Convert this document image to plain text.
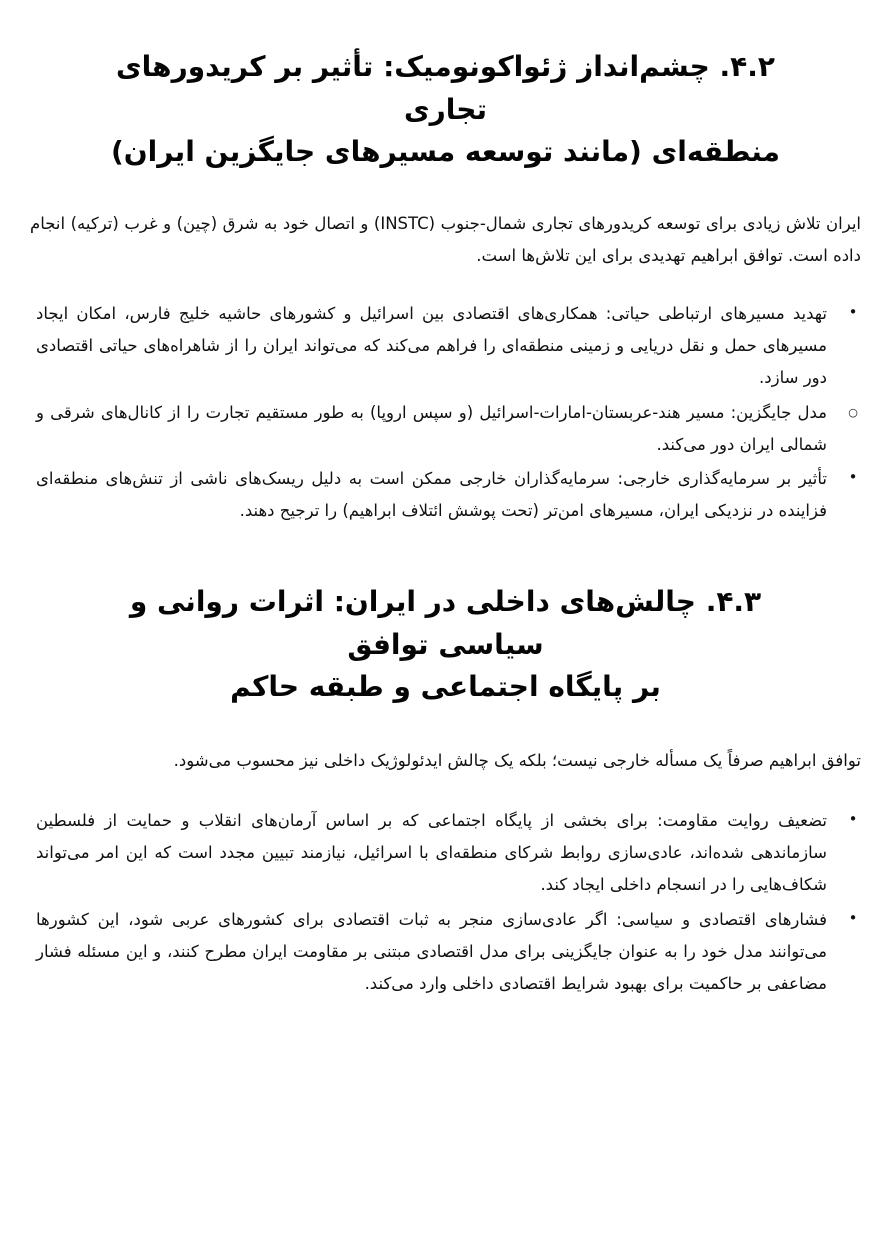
۴.۲. چشم‌انداز ژئواکونومیک: تأثیر بر کریدورهای تجاری
منطقه‌ای (مانند توسعه مسیرهای جایگزین ایران)

ایران تلاش زیادی برای توسعه کریدورهای تجاری شمال-جنوب (INSTC) و اتصال خود به شرق (چین) و غرب (ترکیه) انجام داده است. توافق ابراهیم تهدیدی برای این تلاش‌ها است.

•
تهدید مسیرهای ارتباطی حیاتی: همکاری‌های اقتصادی بین اسرائیل و کشورهای حاشیه خلیج فارس، امکان ایجاد مسیرهای حمل و نقل دریایی و زمینی منطقه‌ای را فراهم می‌کند که می‌تواند ایران را از شاهراه‌های حیاتی اقتصادی دور سازد.
○
مدل جایگزین: مسیر هند-عربستان-امارات-اسرائیل (و سپس اروپا) به طور مستقیم تجارت را از کانال‌های شرقی و شمالی ایران دور می‌کند.
•
تأثیر بر سرمایه‌گذاری خارجی: سرمایه‌گذاران خارجی ممکن است به دلیل ریسک‌های ناشی از تنش‌های منطقه‌ای فزاینده در نزدیکی ایران، مسیرهای امن‌تر (تحت پوشش ائتلاف ابراهیم) را ترجیح دهند.
۴.۳. چالش‌های داخلی در ایران: اثرات روانی و سیاسی توافق
بر پایگاه اجتماعی و طبقه حاکم

توافق ابراهیم صرفاً یک مسأله خارجی نیست؛ بلکه یک چالش ایدئولوژیک داخلی نیز محسوب می‌شود.

•
تضعیف روایت مقاومت: برای بخشی از پایگاه اجتماعی که بر اساس آرمان‌های انقلاب و حمایت از فلسطین سازماندهی شده‌اند، عادی‌سازی روابط شرکای منطقه‌ای با اسرائیل، نیازمند تبیین مجدد است که این امر می‌تواند شکاف‌هایی را در انسجام داخلی ایجاد کند.
•
فشارهای اقتصادی و سیاسی: اگر عادی‌سازی منجر به ثبات اقتصادی برای کشورهای عربی شود، این کشورها می‌توانند مدل خود را به عنوان جایگزینی برای مدل اقتصادی مبتنی بر مقاومت ایران مطرح کنند، و این مسئله فشار مضاعفی بر حاکمیت برای بهبود شرایط اقتصادی داخلی وارد می‌کند.
